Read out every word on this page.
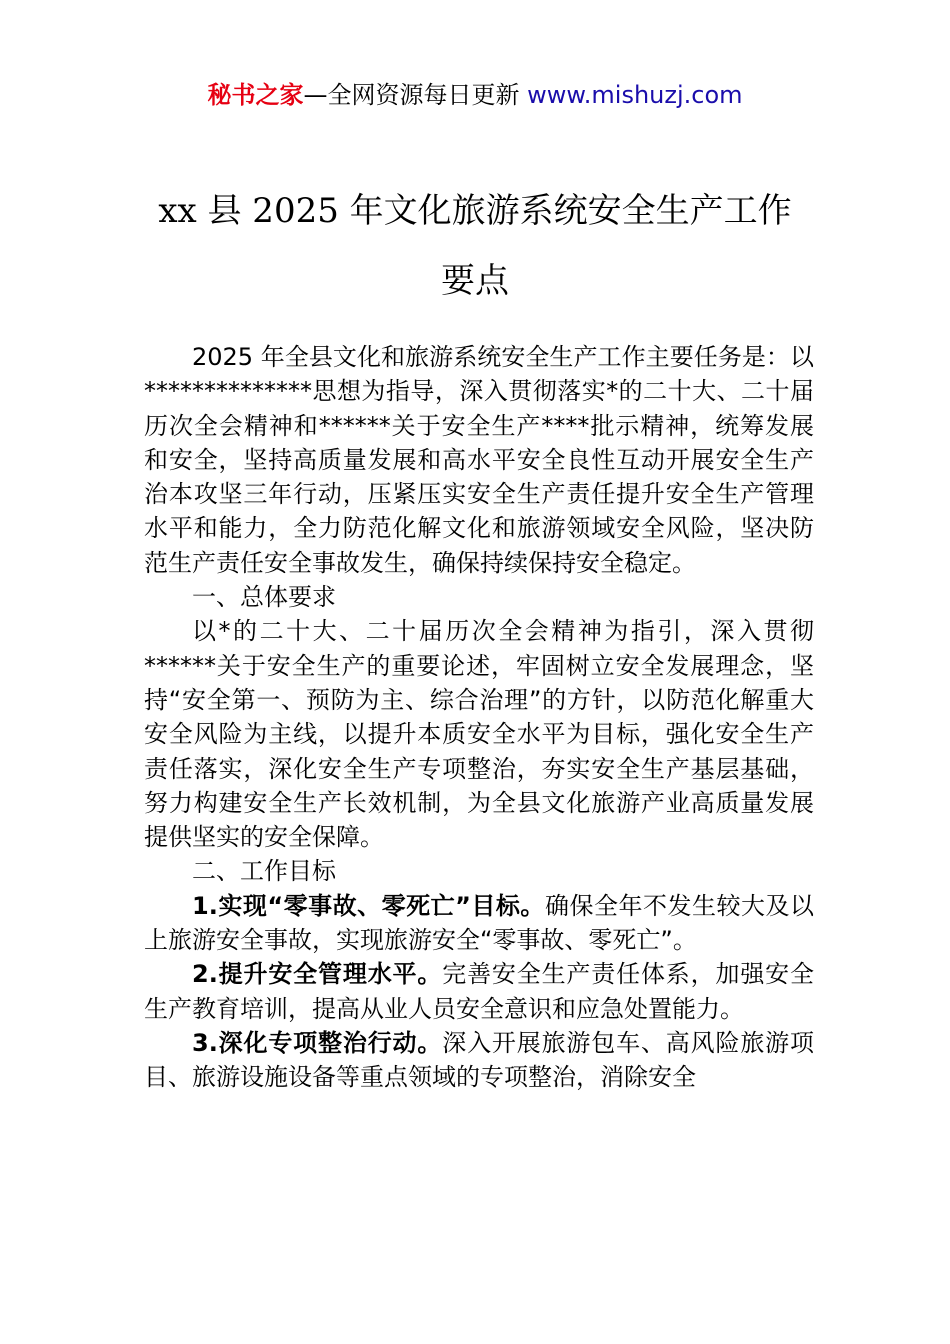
秘书之家—全网资源每日更新 www.mishuzj.com
xx 县 2025 年文化旅游系统安全生产工作
要点

2025 年全县文化和旅游系统安全生产工作主要任务是：以**************思想为指导，深入贯彻落实*的二十大、二十届历次全会精神和******关于安全生产****批示精神，统筹发展和安全，坚持高质量发展和高水平安全良性互动开展安全生产治本攻坚三年行动，压紧压实安全生产责任提升安全生产管理水平和能力，全力防范化解文化和旅游领域安全风险，坚决防范生产责任安全事故发生，确保持续保持安全稳定。

一、总体要求

以*的二十大、二十届历次全会精神为指引，深入贯彻******关于安全生产的重要论述，牢固树立安全发展理念，坚持“安全第一、预防为主、综合治理”的方针，以防范化解重大安全风险为主线，以提升本质安全水平为目标，强化安全生产责任落实，深化安全生产专项整治，夯实安全生产基层基础，努力构建安全生产长效机制，为全县文化旅游产业高质量发展提供坚实的安全保障。

二、工作目标

1.实现“零事故、零死亡”目标。确保全年不发生较大及以上旅游安全事故，实现旅游安全“零事故、零死亡”。

2.提升安全管理水平。完善安全生产责任体系，加强安全生产教育培训，提高从业人员安全意识和应急处置能力。

3.深化专项整治行动。深入开展旅游包车、高风险旅游项目、旅游设施设备等重点领域的专项整治，消除安全
